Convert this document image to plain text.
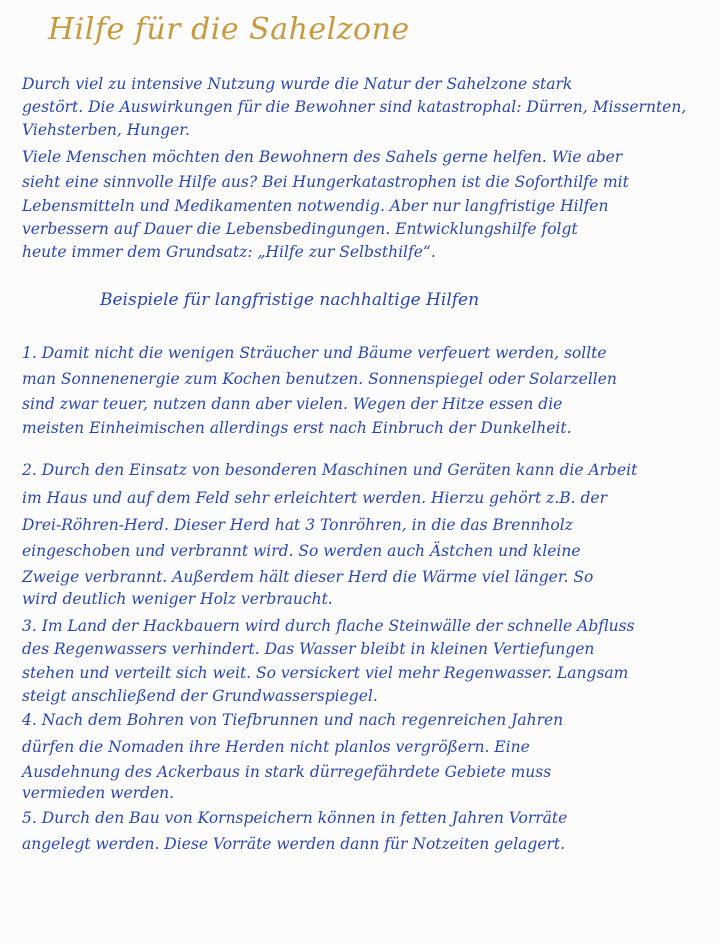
Hilfe für die Sahelzone
Durch viel zu intensive Nutzung wurde die Natur der Sahelzone stark
gestört. Die Auswirkungen für die Bewohner sind katastrophal: Dürren, Missernten,
Viehsterben, Hunger.
Viele Menschen möchten den Bewohnern des Sahels gerne helfen. Wie aber
sieht eine sinnvolle Hilfe aus? Bei Hungerkatastrophen ist die Soforthilfe mit
Lebensmitteln und Medikamenten notwendig. Aber nur langfristige Hilfen
verbessern auf Dauer die Lebensbedingungen. Entwicklungshilfe folgt
heute immer dem Grundsatz: „Hilfe zur Selbsthilfe“.
Beispiele für langfristige nachhaltige Hilfen
1. Damit nicht die wenigen Sträucher und Bäume verfeuert werden, sollte
man Sonnenenergie zum Kochen benutzen. Sonnenspiegel oder Solarzellen
sind zwar teuer, nutzen dann aber vielen. Wegen der Hitze essen die
meisten Einheimischen allerdings erst nach Einbruch der Dunkelheit.
2. Durch den Einsatz von besonderen Maschinen und Geräten kann die Arbeit
im Haus und auf dem Feld sehr erleichtert werden. Hierzu gehört z.B. der
Drei-Röhren-Herd. Dieser Herd hat 3 Tonröhren, in die das Brennholz
eingeschoben und verbrannt wird. So werden auch Ästchen und kleine
Zweige verbrannt. Außerdem hält dieser Herd die Wärme viel länger. So
wird deutlich weniger Holz verbraucht.
3. Im Land der Hackbauern wird durch flache Steinwälle der schnelle Abfluss
des Regenwassers verhindert. Das Wasser bleibt in kleinen Vertiefungen
stehen und verteilt sich weit. So versickert viel mehr Regenwasser. Langsam
steigt anschließend der Grundwasserspiegel.
4. Nach dem Bohren von Tiefbrunnen und nach regenreichen Jahren
dürfen die Nomaden ihre Herden nicht planlos vergrößern. Eine
Ausdehnung des Ackerbaus in stark dürregefährdete Gebiete muss
vermieden werden.
5. Durch den Bau von Kornspeichern können in fetten Jahren Vorräte
angelegt werden. Diese Vorräte werden dann für Notzeiten gelagert.
